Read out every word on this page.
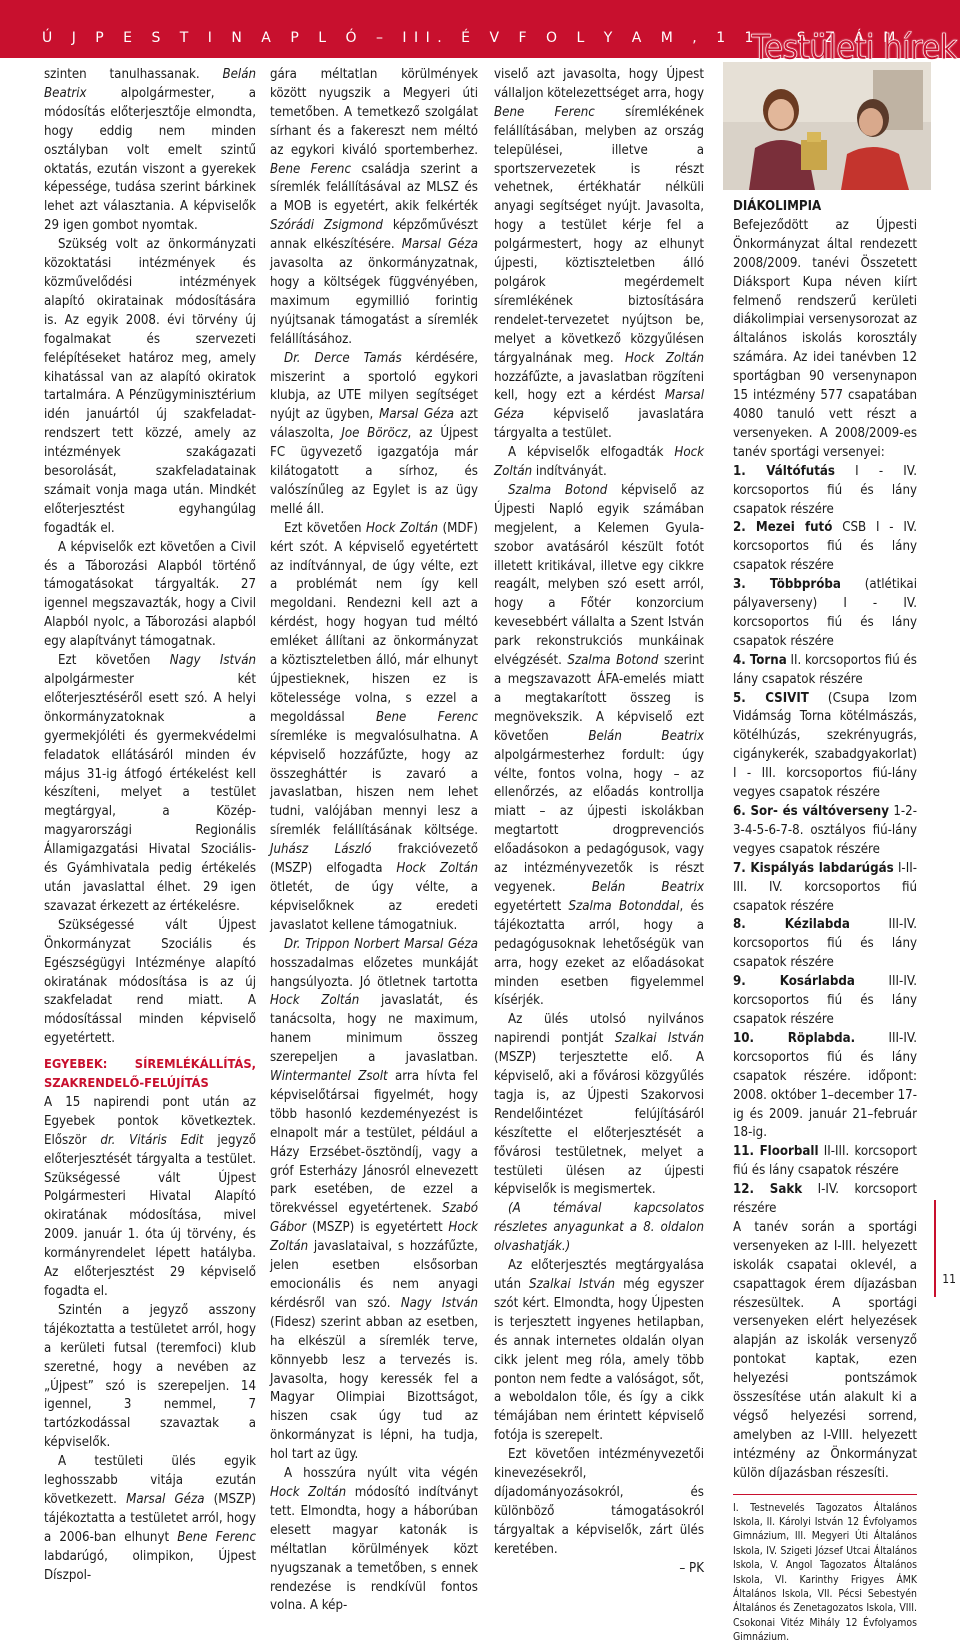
Ú J P E S T I N A P L Ó – III. É V F O L Y A M , 1 1 . S Z Á M
Testületi hírek

szinten tanulhassanak. Belán Beatrix	alpolgármester, a módosítás előterjesztője elmondta, hogy eddig nem minden osztályban volt emelt szintű oktatás, ezután viszont a gyerekek képessége, tudása szerint bárkinek lehet azt választania. A képviselők 29 igen gombot nyomtak.

Szükség volt az önkormányzati közoktatási intézmények és közművelődési intézmények alapító okiratainak módosítására is. Az egyik 2008. évi törvény új fogalmakat és szervezeti felépítéseket határoz meg, amely kihatással van az alapító okiratok tartalmára. A Pénzügyminisztérium idén januártól új szakfeladat-rendszert tett közzé, amely az intézmények szakágazati besorolását, szakfeladatainak számait vonja maga után. Mindkét előterjesztést egyhangúlag fogadták el.

A képviselők ezt követően a Civil és a Táborozási Alapból történő támogatásokat tárgyalták. 27 igennel megszavazták, hogy a Civil Alapból nyolc, a Táborozási alapból egy alapítványt támogatnak.

Ezt követően Nagy István alpolgármester két előterjesztéséről esett szó. A helyi önkormányzatoknak a gyermekjóléti és gyermekvédelmi feladatok ellátásáról minden év május 31-ig átfogó értékelést kell készíteni, melyet a testület megtárgyal, a Közép-magyarországi Regionális Államigazgatási Hivatal Szociális- és Gyámhivatala pedig értékelés után javaslattal élhet. 29 igen szavazat érkezett az értékelésre.

Szükségessé vált Újpest Önkormányzat Szociális és Egészségügyi Intézménye alapító okiratának módosítása is az új szakfeladat rend miatt. A módosítással minden képviselő egyetértett.

EGYEBEK: SÍREMLÉKÁLLÍTÁS, SZAKRENDELŐ-FELÚJÍTÁS

A 15 napirendi pont után az Egyebek pontok következtek. Először dr. Vitáris Edit jegyző előterjesztését tárgyalta a testület. Szükségessé vált Újpest Polgármesteri Hivatal Alapító okiratának módosítása, mivel 2009. január 1. óta új törvény, és kormányrendelet lépett hatályba. Az előterjesztést 29 képviselő fogadta el.

Szintén a jegyző asszony tájékoztatta a testületet arról, hogy a kerületi futsal (teremfoci) klub szeretné, hogy a nevében az „Újpest” szó is szerepeljen. 14 igennel, 3 nemmel, 7 tartózkodással szavaztak a képviselők.

A testületi ülés egyik leghosszabb vitája ezután következett. Marsal Géza (MSZP) tájékoztatta a testületet arról, hogy a 2006-ban elhunyt Bene Ferenc labdarúgó, olimpikon, Újpest Díszpol-

gára méltatlan körülmények között nyugszik a Megyeri úti temetőben. A temetkező szolgálat sírhant és a fakereszt nem méltó az egykori kiváló sportemberhez. Bene Ferenc családja szerint a síremlék felállításával az MLSZ és a MOB is egyetért, akik felkérték Szórádi Zsigmond képzőművészt annak elkészítésére. Marsal Géza javasolta az önkormányzatnak, hogy a költségek függvényében, maximum egymillió forintig nyújtsanak támogatást a síremlék felállításához.

Dr. Derce Tamás kérdésére, miszerint a sportoló egykori klubja, az UTE milyen segítséget nyújt az ügyben, Marsal Géza azt válaszolta, Joe Böröcz, az Újpest FC ügyvezető igazgatója már kilátogatott a sírhoz, és valószínűleg az Egylet is az ügy mellé áll.

Ezt követően Hock Zoltán (MDF) kért szót. A képviselő egyetértett az indítvánnyal, de úgy vélte, ezt a problémát nem így kell megoldani. Rendezni kell azt a kérdést, hogy hogyan tud méltó emléket állítani az önkormányzat a köztiszteletben álló, már elhunyt újpestieknek, hiszen ez is kötelessége volna, s ezzel a megoldással Bene Ferenc síremléke is megvalósulhatna. A képviselő hozzáfűzte, hogy az összegháttér is zavaró a javaslatban, hiszen nem lehet tudni, valójában mennyi lesz a síremlék felállításának költsége. Juhász László frakcióvezető (MSZP) elfogadta Hock Zoltán ötletét, de úgy vélte, a képviselőknek az eredeti javaslatot kellene támogatniuk.

Dr. Trippon Norbert Marsal Géza hosszadalmas előzetes munkáját hangsúlyozta. Jó ötletnek tartotta Hock Zoltán javaslatát, és tanácsolta, hogy ne maximum, hanem minimum összeg szerepeljen a javaslatban. Wintermantel Zsolt arra hívta fel képviselőtársai figyelmét, hogy több hasonló kezdeményezést is elnapolt már a testület, például a Házy Erzsébet-ösztöndíj, vagy a gróf Esterházy Jánosról elnevezett park esetében, de ezzel a törekvéssel egyetértenek. Szabó Gábor (MSZP) is egyetértett Hock Zoltán javaslataival, s hozzáfűzte, jelen esetben elsősorban emocionális és nem anyagi kérdésről van szó. Nagy István (Fidesz) szerint abban az esetben, ha elkészül a síremlék terve, könnyebb lesz a tervezés is. Javasolta, hogy keressék fel a Magyar Olimpiai Bizottságot, hiszen csak úgy tud az önkormányzat is lépni, ha tudja, hol tart az ügy.

A hosszúra nyúlt vita végén Hock Zoltán módosító indítványt tett. Elmondta, hogy a háborúban elesett magyar katonák is méltatlan körülmények közt nyugszanak a temetőben, s ennek rendezése is rendkívül fontos volna. A kép-

viselő azt javasolta, hogy Újpest vállaljon kötelezettséget arra, hogy Bene Ferenc síremlékének felállításában, melyben az ország települései, illetve a sportszervezetek is részt vehetnek, értékhatár nélküli anyagi segítséget nyújt. Javasolta, hogy a testület kérje fel a polgármestert, hogy az elhunyt újpesti, köztiszteletben álló polgárok megérdemelt síremlékének biztosítására rendelet-tervezetet nyújtson be, melyet a következő közgyűlésen tárgyalnának meg. Hock Zoltán hozzáfűzte, a javaslatban rögzíteni kell, hogy ezt a kérdést Marsal Géza képviselő javaslatára tárgyalta a testület.

A képviselők elfogadták Hock Zoltán indítványát.

Szalma Botond képviselő az Újpesti Napló egyik számában megjelent, a Kelemen Gyula-szobor avatásáról készült fotót illetett kritikával, illetve egy cikkre reagált, melyben szó esett arról, hogy a Főtér konzorcium kevesebbért vállalta a Szent István park rekonstrukciós munkáinak elvégzését. Szalma Botond szerint a megszavazott ÁFA-emelés miatt a megtakarított összeg is megnövekszik. A képviselő ezt követően	Belán Beatrix alpolgármesterhez fordult: úgy vélte, fontos volna, hogy – az ellenőrzés, az előadás kontrollja miatt – az újpesti iskolákban megtartott drogprevenciós előadásokon a pedagógusok, vagy az intézményvezetők is részt vegyenek.	Belán Beatrix egyetértett Szalma Botonddal, és tájékoztatta arról, hogy a pedagógusoknak lehetőségük van arra, hogy ezeket az előadásokat minden esetben figyelemmel kísérjék.

Az ülés utolsó nyilvános napirendi pontját Szalkai István (MSZP) terjesztette elő. A képviselő, aki a fővárosi közgyűlés tagja is, az Újpesti Szakorvosi Rendelőintézet felújításáról készítette el előterjesztését a fővárosi testületnek, melyet a testületi ülésen az újpesti képviselők is megismertek.

(A témával kapcsolatos részletes anyagunkat a 8. oldalon olvashatják.)

Az előterjesztés megtárgyalása után Szalkai István még egyszer szót kért. Elmondta, hogy Újpesten is terjesztett ingyenes hetilapban, és annak internetes oldalán olyan cikk jelent meg róla, amely több ponton nem fedte a valóságot, sőt, a weboldalon tőle, és így a cikk témájában nem érintett képviselő fotója is szerepelt.

Ezt követően intézményvezetői kinevezésekről, díjadományozásokról, és különböző támogatásokról tárgyaltak a képviselők, zárt ülés keretében.

– PK

DIÁKOLIMPIA

Befejeződött az Újpesti Önkormányzat által rendezett 2008/2009. tanévi Összetett Diáksport Kupa néven kiírt felmenő rendszerű kerületi diákolimpiai versenysorozat az általános iskolás korosztály számára. Az idei tanévben 12 sportágban 90 versenynapon 15 intézmény 577 csapatában 4080 tanuló vett részt a versenyeken. A 2008/2009-es tanév sportági versenyei:

1. Váltófutás I - IV. korcsoportos fiú és lány csapatok részére

2. Mezei futó CSB I - IV. korcsoportos fiú és lány csapatok részére

3. Többpróba (atlétikai pályaverseny) I - IV. korcsoportos fiú és lány csapatok részére

4. Torna II. korcsoportos fiú és lány csapatok részére

5. CSIVIT (Csupa Izom Vidámság Torna kötélmászás, kötélhúzás, szekrényugrás, cigánykerék, szabadgyakorlat) I - III. korcsoportos fiú-lány vegyes csapatok részére

6. Sor- és váltóverseny 1-2-3-4-5-6-7-8. osztályos fiú-lány vegyes csapatok részére

7. Kispályás labdarúgás I-II-III. IV. korcsoportos fiú csapatok részére

8. Kézilabda III-IV. korcsoportos fiú és lány csapatok részére

9. Kosárlabda III-IV. korcsoportos fiú és lány csapatok részére

10. Röplabda. III-IV. korcsoportos fiú és lány csapatok részére. időpont: 2008. október 1–december 17-ig és 2009. január 21–február 18-ig.

11. Floorball II-III. korcsoport fiú és lány csapatok részére

12. Sakk I-IV. korcsoport részére

A tanév során a sportági versenyeken az I-III. helyezett iskolák csapatai oklevél, a csapattagok érem díjazásban részesültek. A sportági versenyeken elért helyezések alapján az iskolák versenyző pontokat kaptak, ezen helyezési pontszámok összesítése után alakult ki a végső helyezési sorrend, amelyben az I-VIII. helyezett intézmény az Önkormányzat külön díjazásban részesíti.

I. Testnevelés Tagozatos Általános Iskola, II. Károlyi István 12 Évfolyamos Gimnázium, III. Megyeri Úti Általános Iskola, IV. Szigeti József Utcai Általános Iskola, V. Angol Tagozatos Általános Iskola, VI. Karinthy Frigyes ÁMK Általános Iskola, VII. Pécsi Sebestyén Általános és Zenetagozatos Iskola, VIII. Csokonai Vitéz Mihály 12 Évfolyamos Gimnázium.
11
